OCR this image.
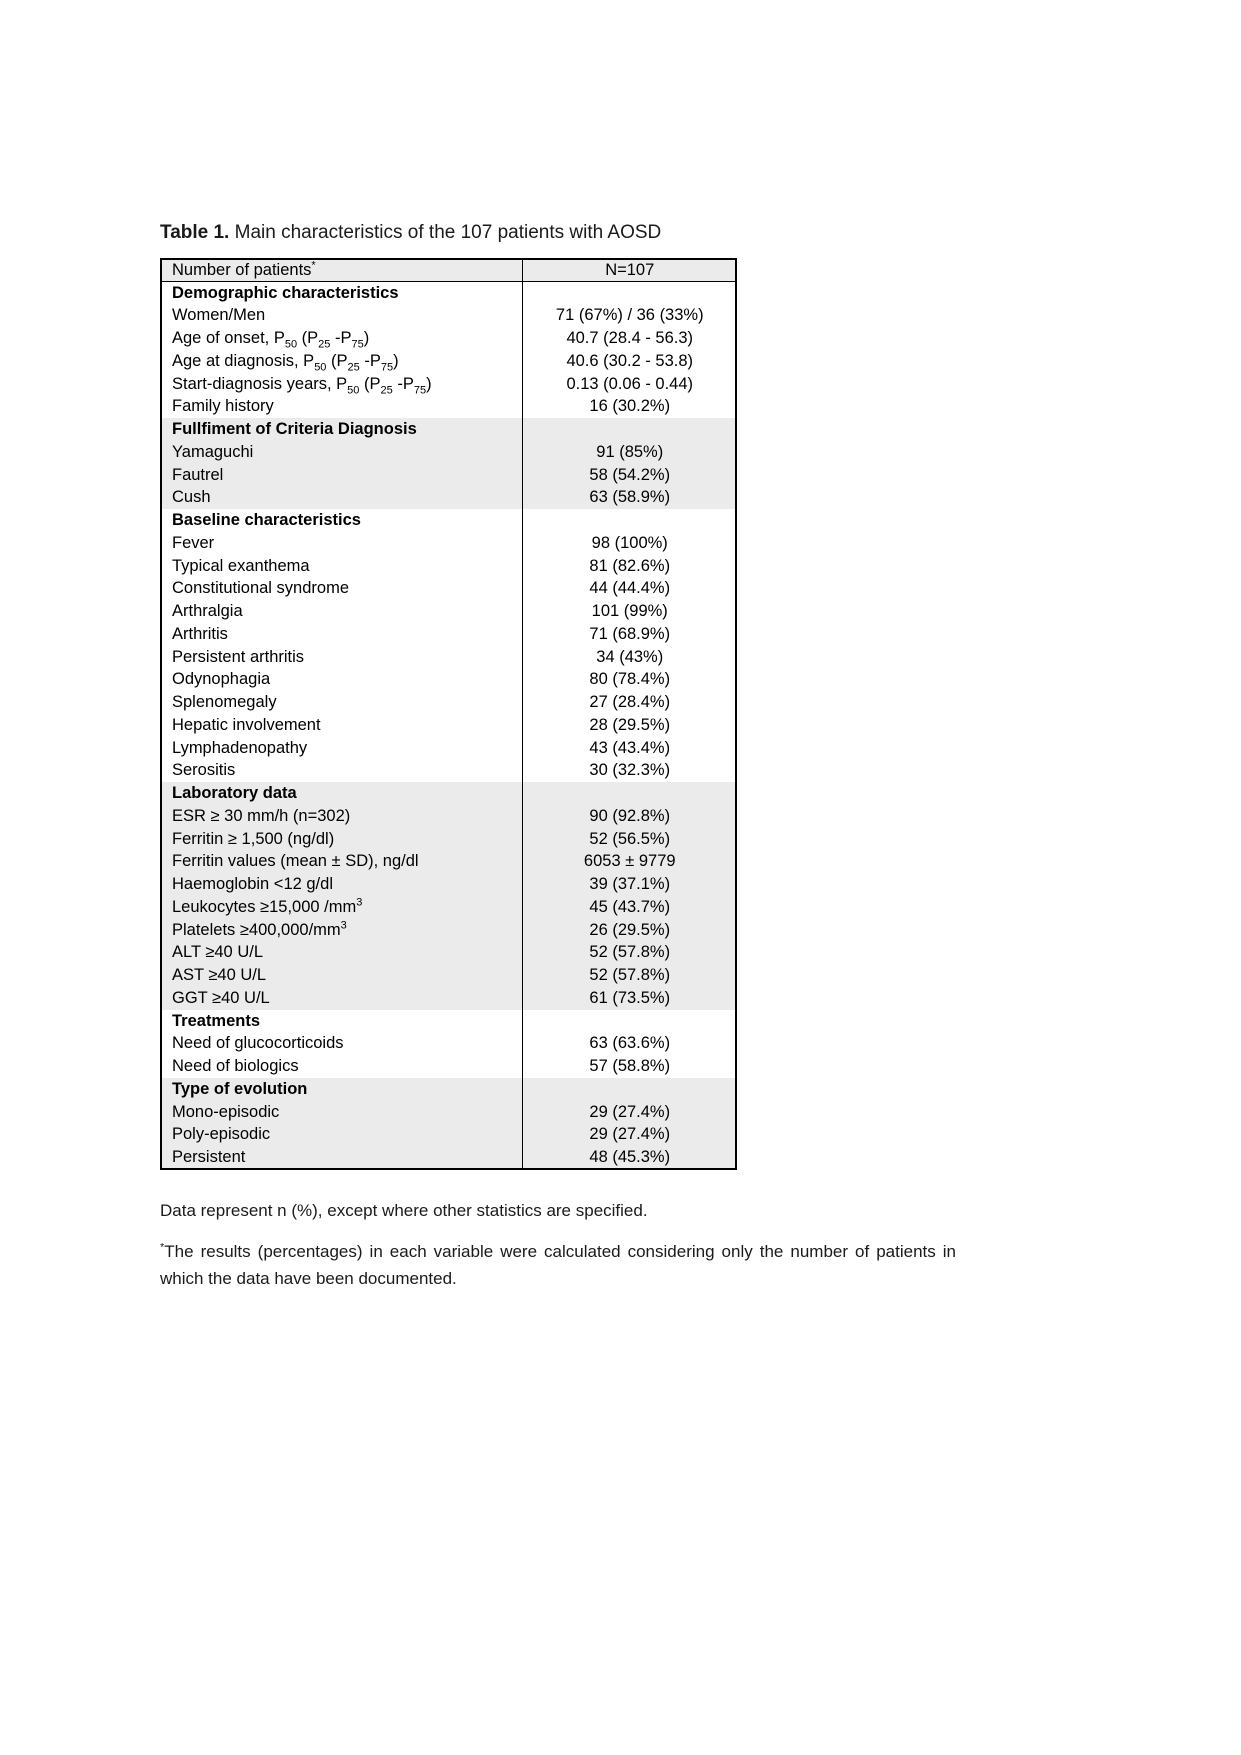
Table 1. Main characteristics of the 107 patients with AOSD
Number of patients*	N=107
Demographic characteristics	
Women/Men	71 (67%) / 36 (33%)
Age of onset, $P_{50}$ ($P_{25}$ $-P_{75}$)	40.7 (28.4 - 56.3)
Age at diagnosis, $P_{50}$ ($P_{25}$ $-P_{75}$)	40.6 (30.2 - 53.8)
Start-diagnosis years, $P_{50}$ ($P_{25}$ $-P_{75}$)	0.13 (0.06 - 0.44)
Family history	16 (30.2%)
Fullfiment of Criteria Diagnosis	
Yamaguchi	91 (85%)
Fautrel	58 (54.2%)
Cush	63 (58.9%)
Baseline characteristics	
Fever	98 (100%)
Typical exanthema	81 (82.6%)
Constitutional syndrome	44 (44.4%)
Arthralgia	101 (99%)
Arthritis	71 (68.9%)
Persistent arthritis	34 (43%)
Odynophagia	80 (78.4%)
Splenomegaly	27 (28.4%)
Hepatic involvement	28 (29.5%)
Lymphadenopathy	43 (43.4%)
Serositis	30 (32.3%)
Laboratory data	
ESR ≥ 30 mm/h (n=302)	90 (92.8%)
Ferritin ≥ 1,500 (ng/dl)	52 (56.5%)
Ferritin values (mean ± SD), ng/dl	6053 ± 9779
Haemoglobin <12 g/dl	39 (37.1%)
Leukocytes ≥15,000 $/mm^3$	45 (43.7%)
Platelets $\ge 400,000/mm^3$	26 (29.5%)
ALT ≥40 U/L	52 (57.8%)
AST ≥40 U/L	52 (57.8%)
GGT ≥40 U/L	61 (73.5%)
Treatments	
Need of glucocorticoids	63 (63.6%)
Need of biologics	57 (58.8%)
Type of evolution	
Mono-episodic	29 (27.4%)
Poly-episodic	29 (27.4%)
Persistent	48 (45.3%)
Data represent n (%), except where other statistics are specified.
*The results (percentages) in each variable were calculated considering only the number of patients in which the data have been documented.
